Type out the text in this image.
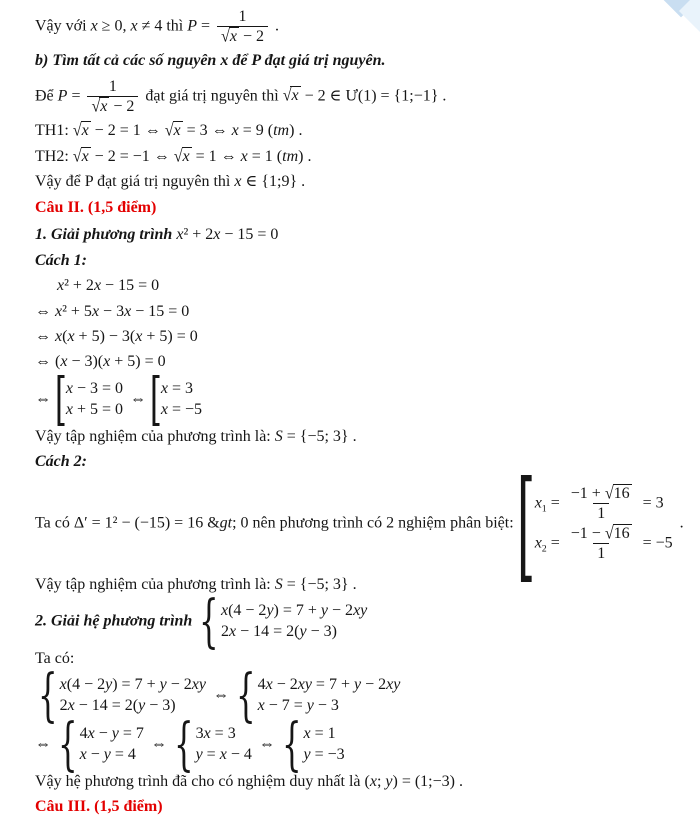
Vậy với x ≥ 0, x ≠ 4 thì $P = \frac{1}{√x - 2}$ .
b) Tìm tất cả các số nguyên x để P đạt giá trị nguyên.
Để $P = \frac{1}{√x - 2}$ đạt giá trị nguyên thì √x − 2 ∈ Ư(1) = {1;−1} .
TH1: √x − 2 = 1 ⇔ √x = 3 ⇔ x = 9 (tm) .
TH2: √x − 2 = −1 ⇔ √x = 1 ⇔ x = 1 (tm) .
Vậy để P đạt giá trị nguyên thì x ∈ {1;9} .
Câu II. (1,5 điểm)
1. Giải phương trình x² + 2x − 15 = 0
Cách 1:
x² + 2x − 15 = 0
⇔ x² + 5x − 3x − 15 = 0
⇔ x(x + 5) − 3(x + 5) = 0
⇔ (x − 3)(x + 5) = 0
⇔ [
x − 3 = 0
x + 5 = 0
⇔ [
x = 3
x = −5
Vậy tập nghiệm của phương trình là: S = {−5; 3} .
Cách 2:
Ta có Δ′ = 1² − (−15) = 16 &gt; 0 nên phương trình có 2 nghiệm phân biệt:
[ $x_1 = \frac{-1 + √16}{1} = 3$
$x_2 = \frac{-1 - √16}{1} = -5$
.
Vậy tập nghiệm của phương trình là: S = {−5; 3} .
2. Giải hệ phương trình { x(4 − 2y) = 7 + y − 2xy
2x − 14 = 2(y − 3)
Ta có:
{ x(4 − 2y) = 7 + y − 2xy
2x − 14 = 2(y − 3)
⇔ { 4x − 2xy = 7 + y − 2xy
x − 7 = y − 3
⇔ { 4x − y = 7
x − y = 4
⇔ { 3x = 3
y = x − 4
⇔ { x = 1
y = −3
Vậy hệ phương trình đã cho có nghiệm duy nhất là (x; y) = (1;−3) .
Câu III. (1,5 điểm)
